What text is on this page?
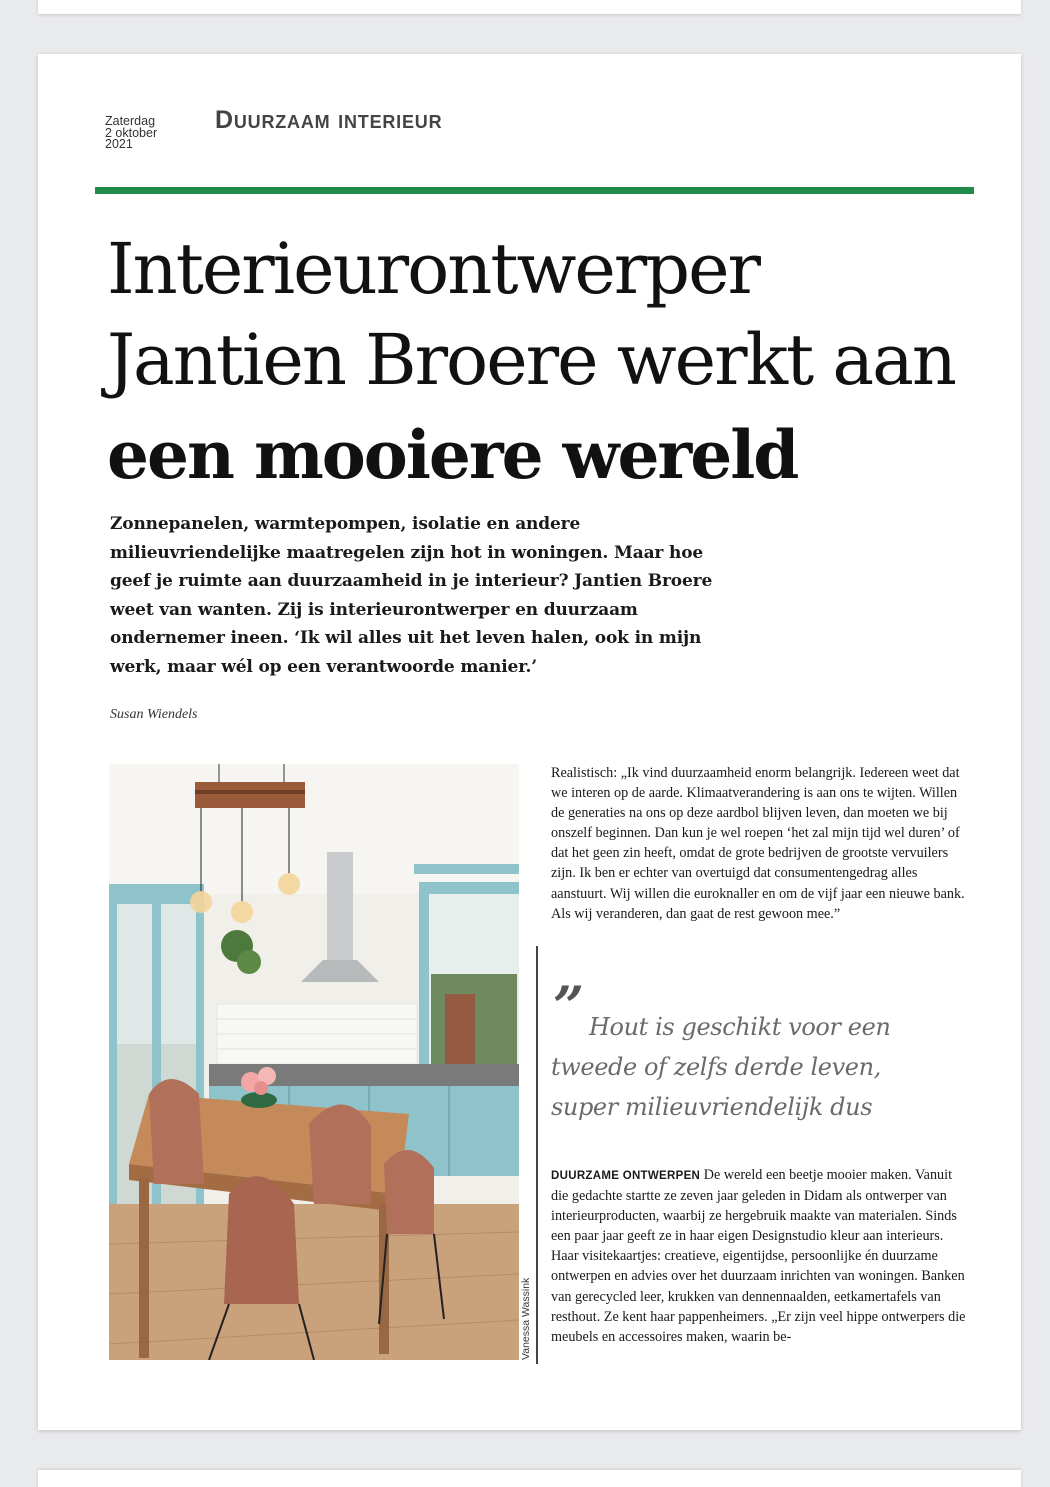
Zaterdag
2 oktober
2021
Duurzaam interieur
Interieurontwerper
Jantien Broere werkt aan
een mooiere wereld

Zonnepanelen, warmtepompen, isolatie en andere milieuvriendelijke maatregelen zijn hot in woningen. Maar hoe geef je ruimte aan duurzaamheid in je interieur? Jantien Broere weet van wanten. Zij is interieurontwerper en duurzaam ondernemer ineen. ‘Ik wil alles uit het leven halen, ook in mijn werk, maar wél op een verantwoorde manier.’

Susan Wiendels

Vanessa Wassink

Realistisch: „Ik vind duurzaamheid enorm belangrijk. Iedereen weet dat we interen op de aarde. Klimaatverandering is aan ons te wijten. Willen de generaties na ons op deze aardbol blijven leven, dan moeten we bij onszelf beginnen. Dan kun je wel roepen ‘het zal mijn tijd wel duren’ of dat het geen zin heeft, omdat de grote bedrijven de grootste vervuilers zijn. Ik ben er echter van overtuigd dat consumentengedrag alles aanstuurt. Wij willen die euroknaller en om de vijf jaar een nieuwe bank. Als wij veranderen, dan gaat de rest gewoon mee.”

” Hout is geschikt voor een
tweede of zelfs derde leven,
super milieuvriendelijk dus

DUURZAME ONTWERPEN De wereld een beetje mooier maken. Vanuit die gedachte startte ze zeven jaar geleden in Didam als ontwerper van interieurproducten, waarbij ze hergebruik maakte van materialen. Sinds een paar jaar geeft ze in haar eigen Designstudio kleur aan interieurs. Haar visitekaartjes: creatieve, eigentijdse, persoonlijke én duurzame ontwerpen en advies over het duurzaam inrichten van woningen. Banken van gerecycled leer, krukken van dennennaalden, eetkamertafels van resthout. Ze kent haar pappenheimers. „Er zijn veel hippe ontwerpers die meubels en accessoires maken, waarin be-
